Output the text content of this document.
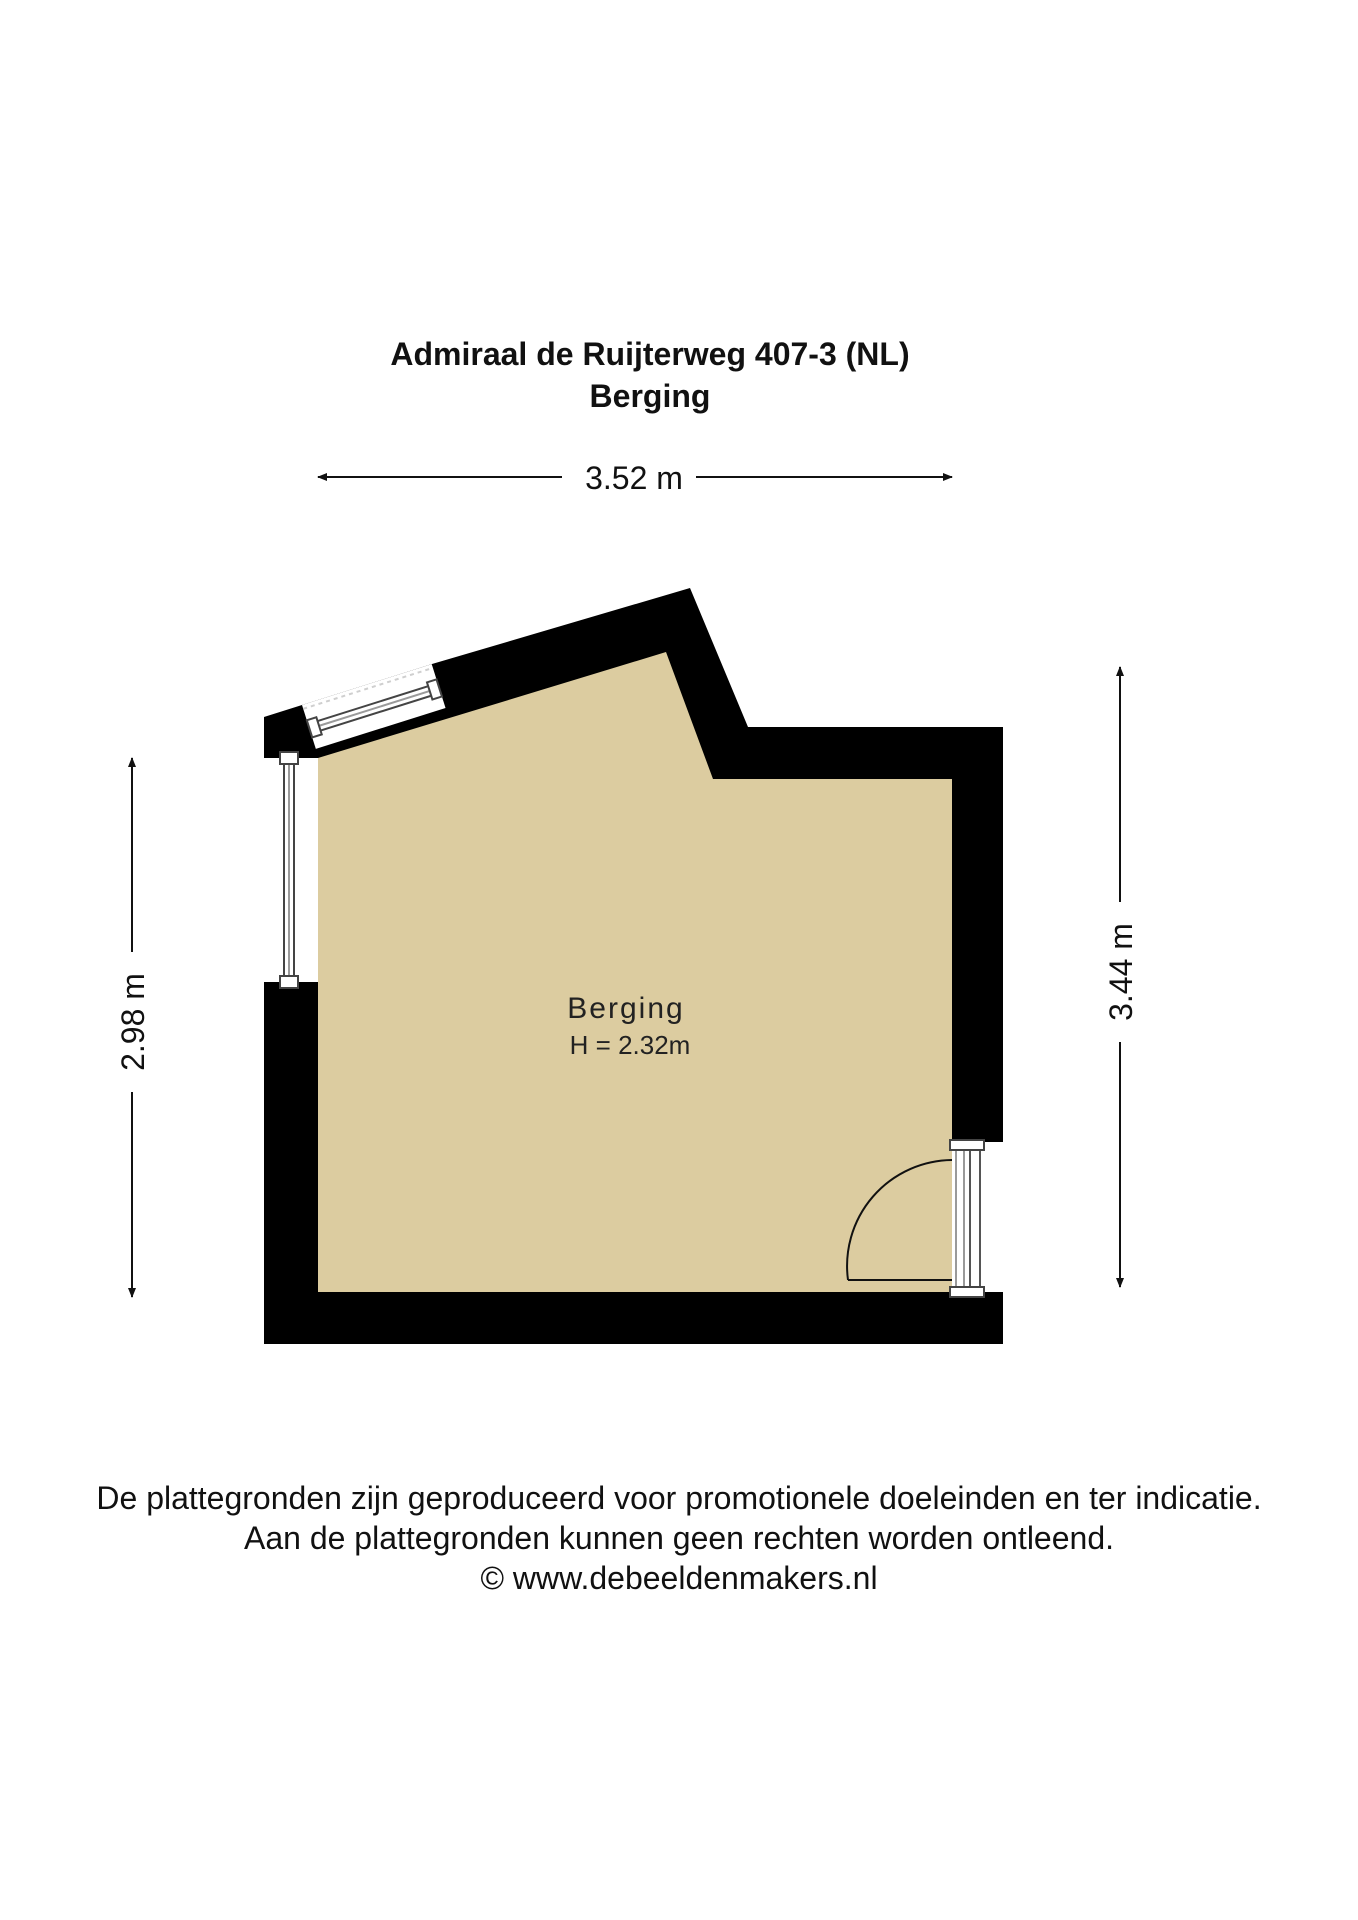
Admiraal de Ruijterweg 407-3 (NL)
Berging
3.52 m
2.98 m
3.44 m
Berging
H = 2.32m
De plattegronden zijn geproduceerd voor promotionele doeleinden en ter indicatie.
Aan de plattegronden kunnen geen rechten worden ontleend.
© www.debeeldenmakers.nl
